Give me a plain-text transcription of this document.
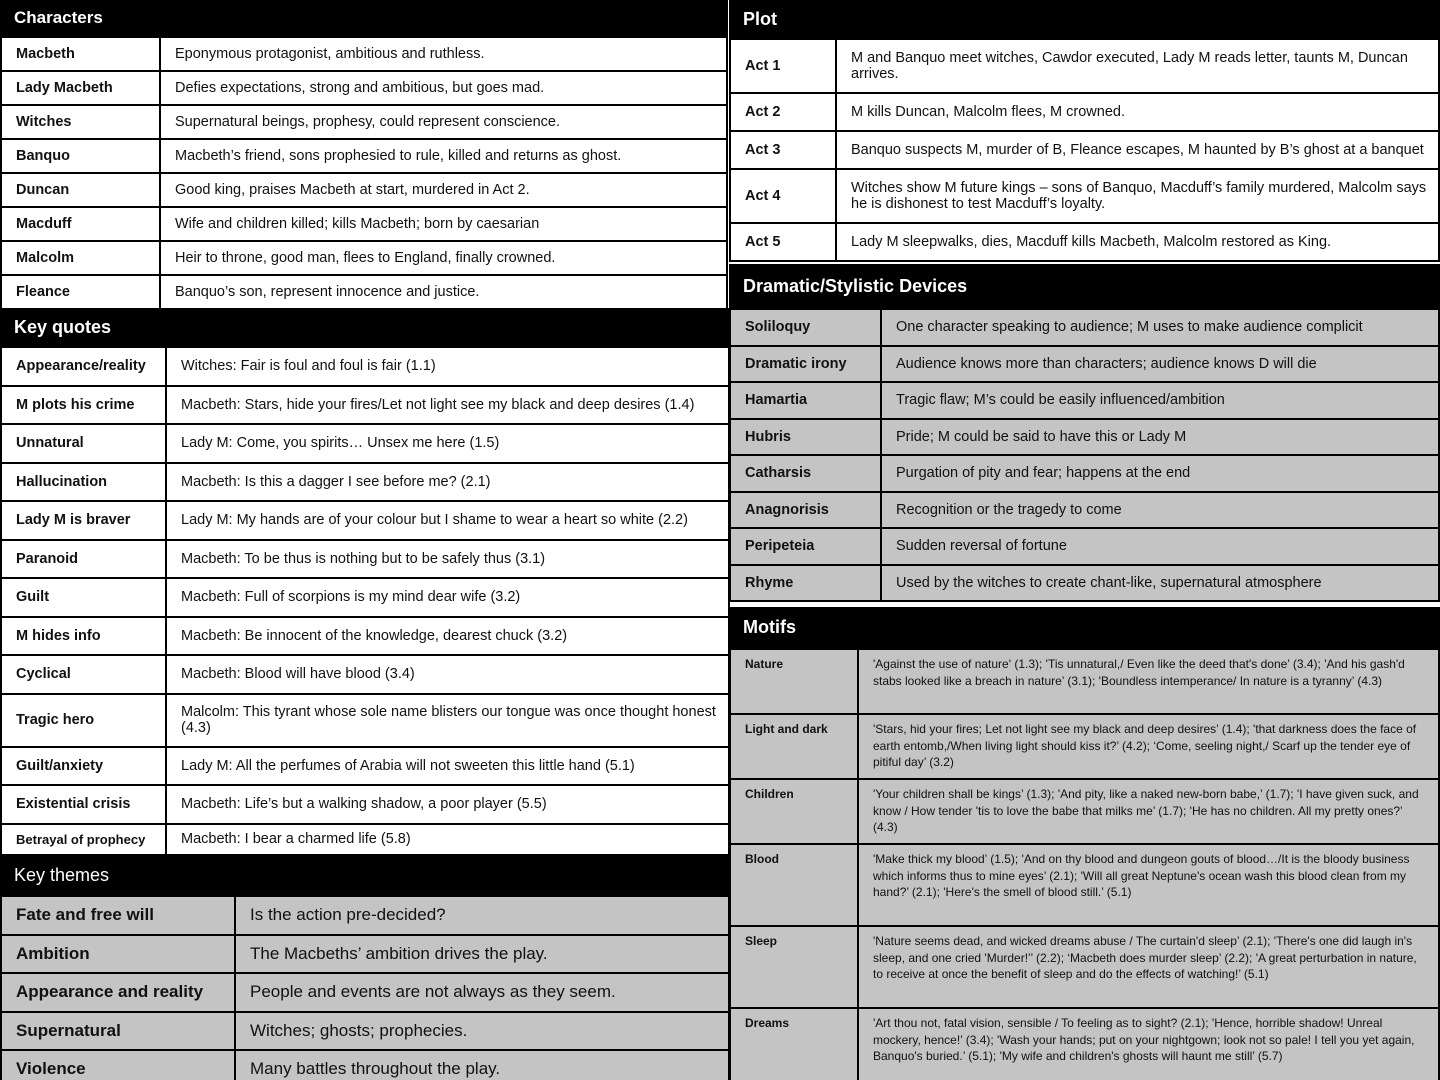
Characters
Macbeth	Eponymous protagonist, ambitious and ruthless.
Lady Macbeth	Defies expectations, strong and ambitious, but goes mad.
Witches	Supernatural beings, prophesy, could represent conscience.
Banquo	Macbeth’s friend, sons prophesied to rule, killed and returns as ghost.
Duncan	Good king, praises Macbeth at start, murdered in Act 2.
Macduff	Wife and children killed; kills Macbeth; born by caesarian
Malcolm	Heir to throne, good man, flees to England, finally crowned.
Fleance	Banquo’s son, represent innocence and justice.
Key quotes
Appearance/reality	Witches: Fair is foul and foul is fair (1.1)
M plots his crime	Macbeth: Stars, hide your fires/Let not light see my black and deep desires (1.4)
Unnatural	Lady M: Come, you spirits… Unsex me here (1.5)
Hallucination	Macbeth: Is this a dagger I see before me? (2.1)
Lady M is braver	Lady M: My hands are of your colour but I shame to wear a heart so white (2.2)
Paranoid	Macbeth: To be thus is nothing but to be safely thus (3.1)
Guilt	Macbeth: Full of scorpions is my mind dear wife (3.2)
M hides info	Macbeth: Be innocent of the knowledge, dearest chuck (3.2)
Cyclical	Macbeth: Blood will have blood (3.4)
Tragic hero	Malcolm: This tyrant whose sole name blisters our tongue was once thought honest (4.3)
Guilt/anxiety	Lady M: All the perfumes of Arabia will not sweeten this little hand (5.1)
Existential crisis	Macbeth: Life’s but a walking shadow, a poor player (5.5)
Betrayal of prophecy	Macbeth: I bear a charmed life (5.8)
Key themes
Fate and free will	Is the action pre-decided?
Ambition	The Macbeths’ ambition drives the play.
Appearance and reality	People and events are not always as they seem.
Supernatural	Witches; ghosts; prophecies.
Violence	Many battles throughout the play.
Plot
Act 1	M and Banquo meet witches, Cawdor executed, Lady M reads letter, taunts M, Duncan arrives.
Act 2	M kills Duncan, Malcolm flees, M crowned.
Act 3	Banquo suspects M, murder of B, Fleance escapes, M haunted by B’s ghost at a banquet
Act 4	Witches show M future kings – sons of Banquo, Macduff’s family murdered, Malcolm says he is dishonest to test Macduff’s loyalty.
Act 5	Lady M sleepwalks, dies, Macduff kills Macbeth, Malcolm restored as King.
Dramatic/Stylistic Devices
Soliloquy	One character speaking to audience; M uses to make audience complicit
Dramatic irony	Audience knows more than characters; audience knows D will die
Hamartia	Tragic flaw; M’s could be easily influenced/ambition
Hubris	Pride; M could be said to have this or Lady M
Catharsis	Purgation of pity and fear; happens at the end
Anagnorisis	Recognition or the tragedy to come
Peripeteia	Sudden reversal of fortune
Rhyme	Used by the witches to create chant-like, supernatural atmosphere
Motifs
Nature	'Against the use of nature' (1.3); 'Tis unnatural,/ Even like the deed that's done’ (3.4); 'And his gash'd stabs looked like a breach in nature’ (3.1); 'Boundless intemperance/ In nature is a tyranny’ (4.3)
Light and dark	'Stars, hid your fires; Let not light see my black and deep desires’ (1.4); 'that darkness does the face of earth entomb,/When living light should kiss it?’ (4.2); ‘Come, seeling night,/ Scarf up the tender eye of pitiful day’ (3.2)
Children	'Your children shall be kings’ (1.3); 'And pity, like a naked new-born babe,’ (1.7); 'I have given suck, and know / How tender 'tis to love the babe that milks me’ (1.7); 'He has no children. All my pretty ones?’ (4.3)
Blood	'Make thick my blood’ (1.5); 'And on thy blood and dungeon gouts of blood…/It is the bloody business which informs thus to mine eyes’ (2.1); 'Will all great Neptune's ocean wash this blood clean from my hand?’ (2.1); 'Here's the smell of blood still.’ (5.1)
Sleep	'Nature seems dead, and wicked dreams abuse / The curtain'd sleep’ (2.1); 'There's one did laugh in's sleep, and one cried 'Murder!’’ (2.2); ‘Macbeth does murder sleep’ (2.2); 'A great perturbation in nature, to receive at once the benefit of sleep and do the effects of watching!’ (5.1)
Dreams	'Art thou not, fatal vision, sensible / To feeling as to sight? (2.1); 'Hence, horrible shadow! Unreal mockery, hence!’ (3.4); 'Wash your hands; put on your nightgown; look not so pale! I tell you yet again, Banquo's buried.’ (5.1); 'My wife and children's ghosts will haunt me still’ (5.7)
